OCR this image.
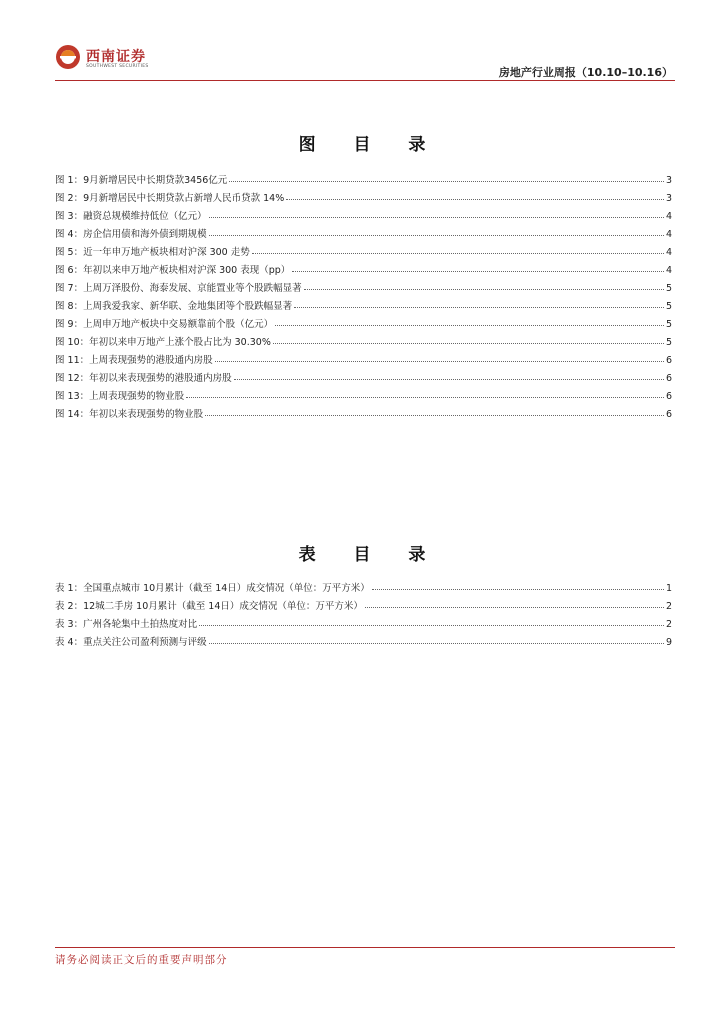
西南证券
SOUTHWEST SECURITIES	房地产行业周报（10.10–10.16）
图 目 录
图 1：9月新增居民中长期贷款3456亿元	3
图 2：9月新增居民中长期贷款占新增人民币贷款 14%	3
图 3：融资总规模维持低位（亿元）	4
图 4：房企信用债和海外债到期规模	4
图 5：近一年申万地产板块相对沪深 300 走势	4
图 6：年初以来申万地产板块相对沪深 300 表现（pp）	4
图 7：上周万泽股份、海泰发展、京能置业等个股跌幅显著	5
图 8：上周我爱我家、新华联、金地集团等个股跌幅显著	5
图 9：上周申万地产板块中交易额靠前个股（亿元）	5
图 10：年初以来申万地产上涨个股占比为 30.30%	5
图 11：上周表现强势的港股通内房股	6
图 12：年初以来表现强势的港股通内房股	6
图 13：上周表现强势的物业股	6
图 14：年初以来表现强势的物业股	6
表 目 录
表 1：全国重点城市 10月累计（截至 14日）成交情况（单位：万平方米）	1
表 2：12城二手房 10月累计（截至 14日）成交情况（单位：万平方米）	2
表 3：广州各轮集中土拍热度对比	2
表 4：重点关注公司盈利预测与评级	9
请务必阅读正文后的重要声明部分
